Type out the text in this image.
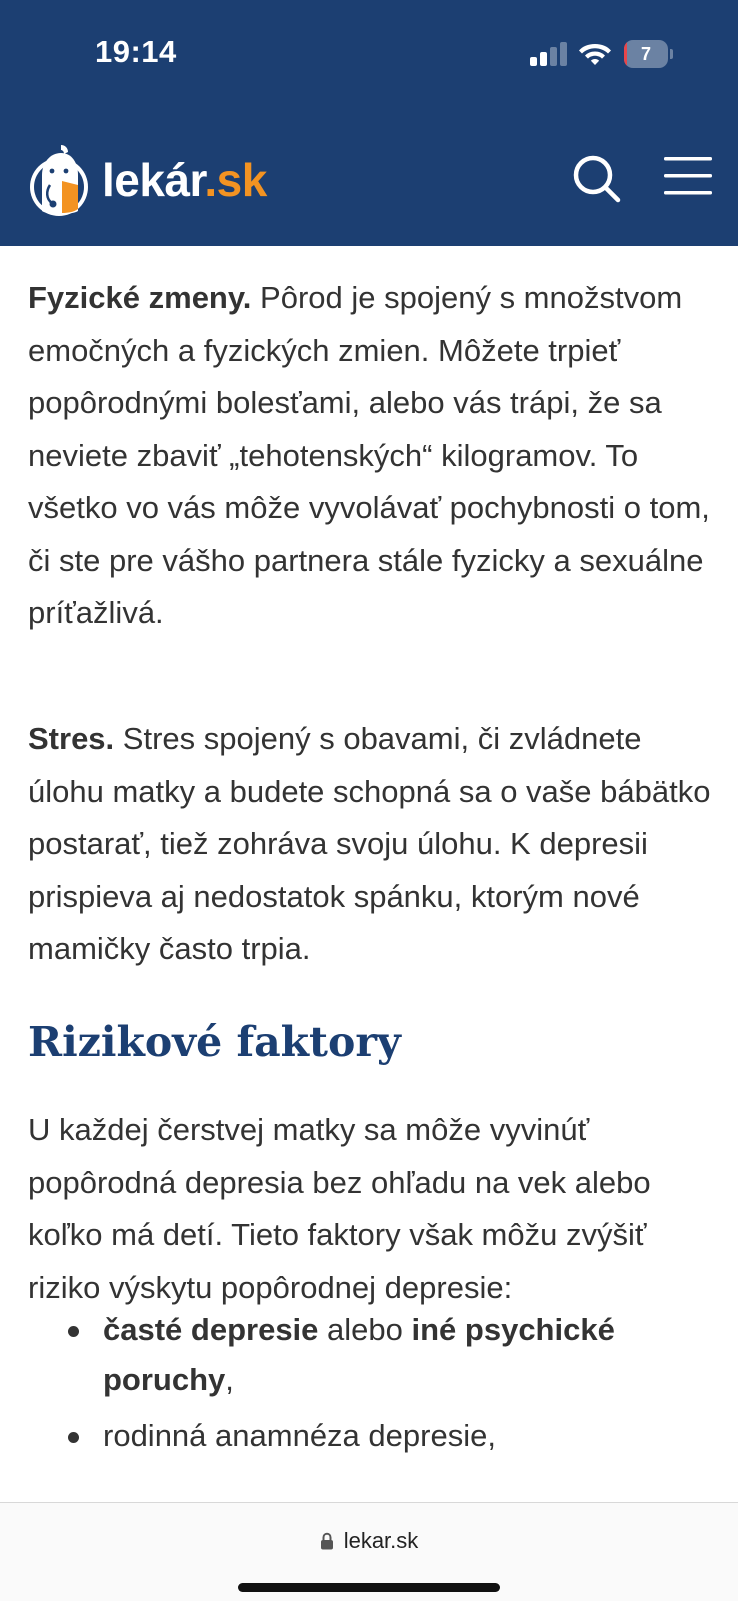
19:14	7
lekár.sk

Fyzické zmeny. Pôrod je spojený s množstvom emočných a fyzických zmien. Môžete trpieť popôrodnými bolesťami, alebo vás trápi, že sa neviete zbaviť „tehotenských“ kilogramov. To všetko vo vás môže vyvolávať pochybnosti o tom, či ste pre vášho partnera stále fyzicky a sexuálne príťažlivá.

Stres. Stres spojený s obavami, či zvládnete úlohu matky a budete schopná sa o vaše bábätko postarať, tiež zohráva svoju úlohu. K depresii prispieva aj nedostatok spánku, ktorým nové mamičky často trpia.

Rizikové faktory

U každej čerstvej matky sa môže vyvinúť popôrodná depresia bez ohľadu na vek alebo koľko má detí. Tieto faktory však môžu zvýšiť riziko výskytu popôrodnej depresie:

časté depresie alebo iné psychické poruchy,
rodinná anamnéza depresie,
lekar.sk
